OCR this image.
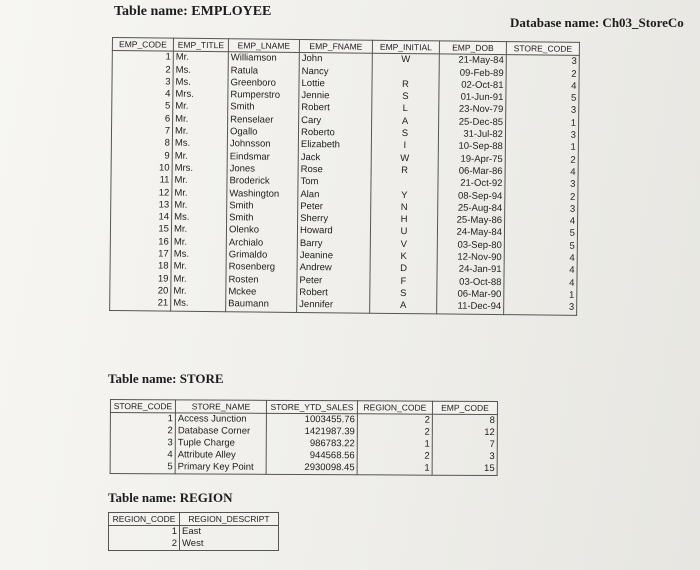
Table name: EMPLOYEE
Database name: Ch03_StoreCo
EMP_CODE	EMP_TITLE	EMP_LNAME	EMP_FNAME	EMP_INITIAL	EMP_DOB	STORE_CODE
1	Mr.	Williamson	John	W	21-May-84	3
2	Ms.	Ratula	Nancy		09-Feb-89	2
3	Ms.	Greenboro	Lottie	R	02-Oct-81	4
4	Mrs.	Rumperstro	Jennie	S	01-Jun-91	5
5	Mr.	Smith	Robert	L	23-Nov-79	3
6	Mr.	Renselaer	Cary	A	25-Dec-85	1
7	Mr.	Ogallo	Roberto	S	31-Jul-82	3
8	Ms.	Johnsson	Elizabeth	I	10-Sep-88	1
9	Mr.	Eindsmar	Jack	W	19-Apr-75	2
10	Mrs.	Jones	Rose	R	06-Mar-86	4
11	Mr.	Broderick	Tom		21-Oct-92	3
12	Mr.	Washington	Alan	Y	08-Sep-94	2
13	Mr.	Smith	Peter	N	25-Aug-84	3
14	Ms.	Smith	Sherry	H	25-May-86	4
15	Mr.	Olenko	Howard	U	24-May-84	5
16	Mr.	Archialo	Barry	V	03-Sep-80	5
17	Ms.	Grimaldo	Jeanine	K	12-Nov-90	4
18	Mr.	Rosenberg	Andrew	D	24-Jan-91	4
19	Mr.	Rosten	Peter	F	03-Oct-88	4
20	Mr.	Mckee	Robert	S	06-Mar-90	1
21	Ms.	Baumann	Jennifer	A	11-Dec-94	3
Table name: STORE
STORE_CODE	STORE_NAME	STORE_YTD_SALES	REGION_CODE	EMP_CODE
1	Access Junction	1003455.76	2	8
2	Database Corner	1421987.39	2	12
3	Tuple Charge	986783.22	1	7
4	Attribute Alley	944568.56	2	3
5	Primary Key Point	2930098.45	1	15
Table name: REGION
REGION_CODE	REGION_DESCRIPT
1	East
2	West
